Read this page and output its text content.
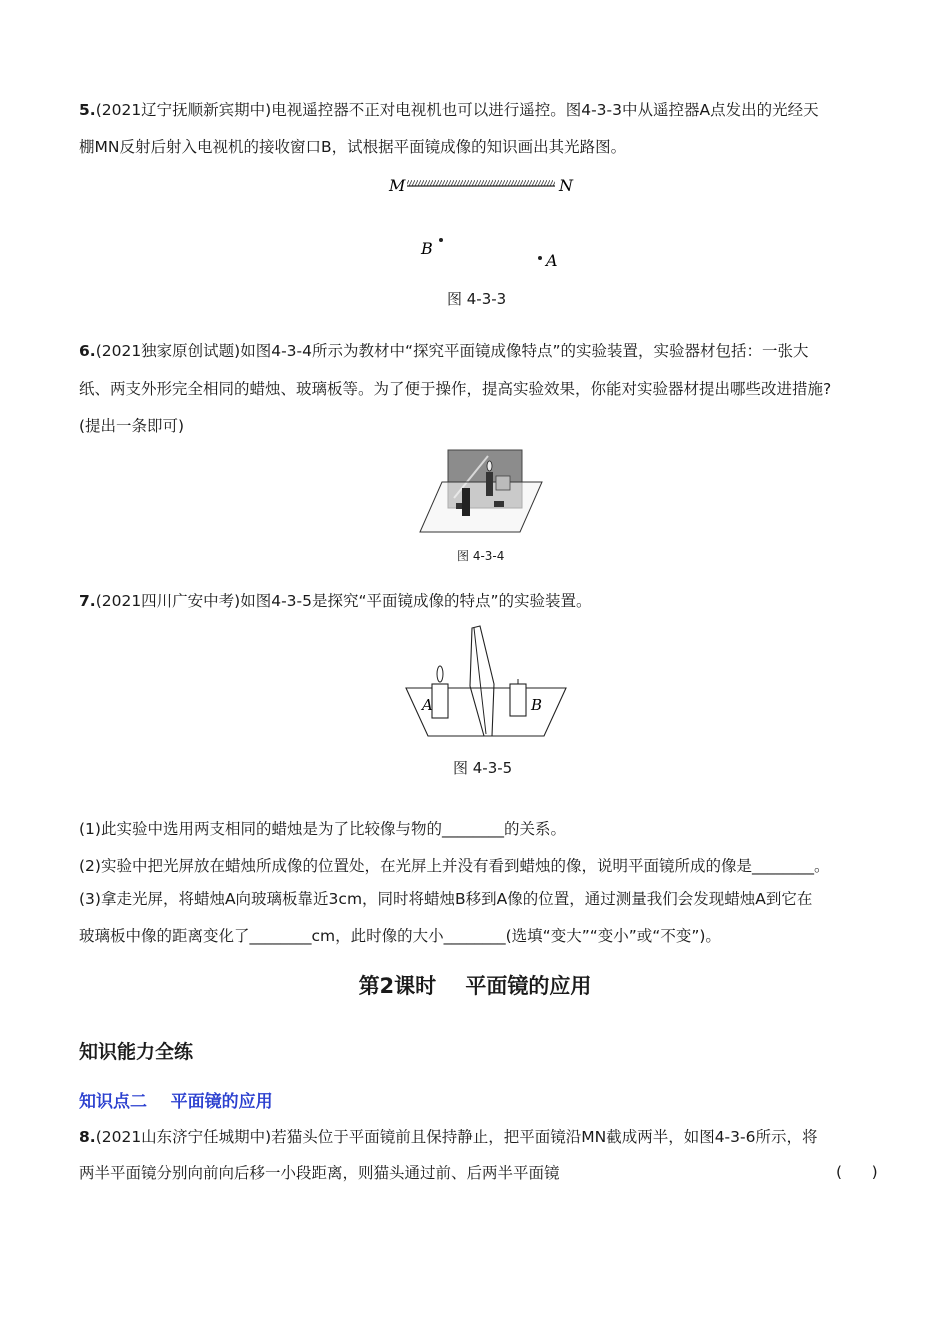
5.(2021辽宁抚顺新宾期中)电视遥控器不正对电视机也可以进行遥控。图4-3-3中从遥控器A点发出的光经天
棚MN反射后射入电视机的接收窗口B，试根据平面镜成像的知识画出其光路图。
M	N
B
A
图 4-3-3
6.(2021独家原创试题)如图4-3-4所示为教材中“探究平面镜成像特点”的实验装置，实验器材包括：一张大
纸、两支外形完全相同的蜡烛、玻璃板等。为了便于操作，提高实验效果，你能对实验器材提出哪些改进措施?
(提出一条即可)
图 4-3-4
7.(2021四川广安中考)如图4-3-5是探究“平面镜成像的特点”的实验装置。
A	B
图 4-3-5
(1)此实验中选用两支相同的蜡烛是为了比较像与物的________的关系。
(2)实验中把光屏放在蜡烛所成像的位置处，在光屏上并没有看到蜡烛的像，说明平面镜所成的像是________。
(3)拿走光屏，将蜡烛A向玻璃板靠近3cm，同时将蜡烛B移到A像的位置，通过测量我们会发现蜡烛A到它在
玻璃板中像的距离变化了________cm，此时像的大小________(选填“变大”“变小”或“不变”)。
第2课时    平面镜的应用
知识能力全练
知识点二    平面镜的应用
8.(2021山东济宁任城期中)若猫头位于平面镜前且保持静止，把平面镜沿MN截成两半，如图4-3-6所示，将
两半平面镜分别向前向后移一小段距离，则猫头通过前、后两半平面镜	(      )
